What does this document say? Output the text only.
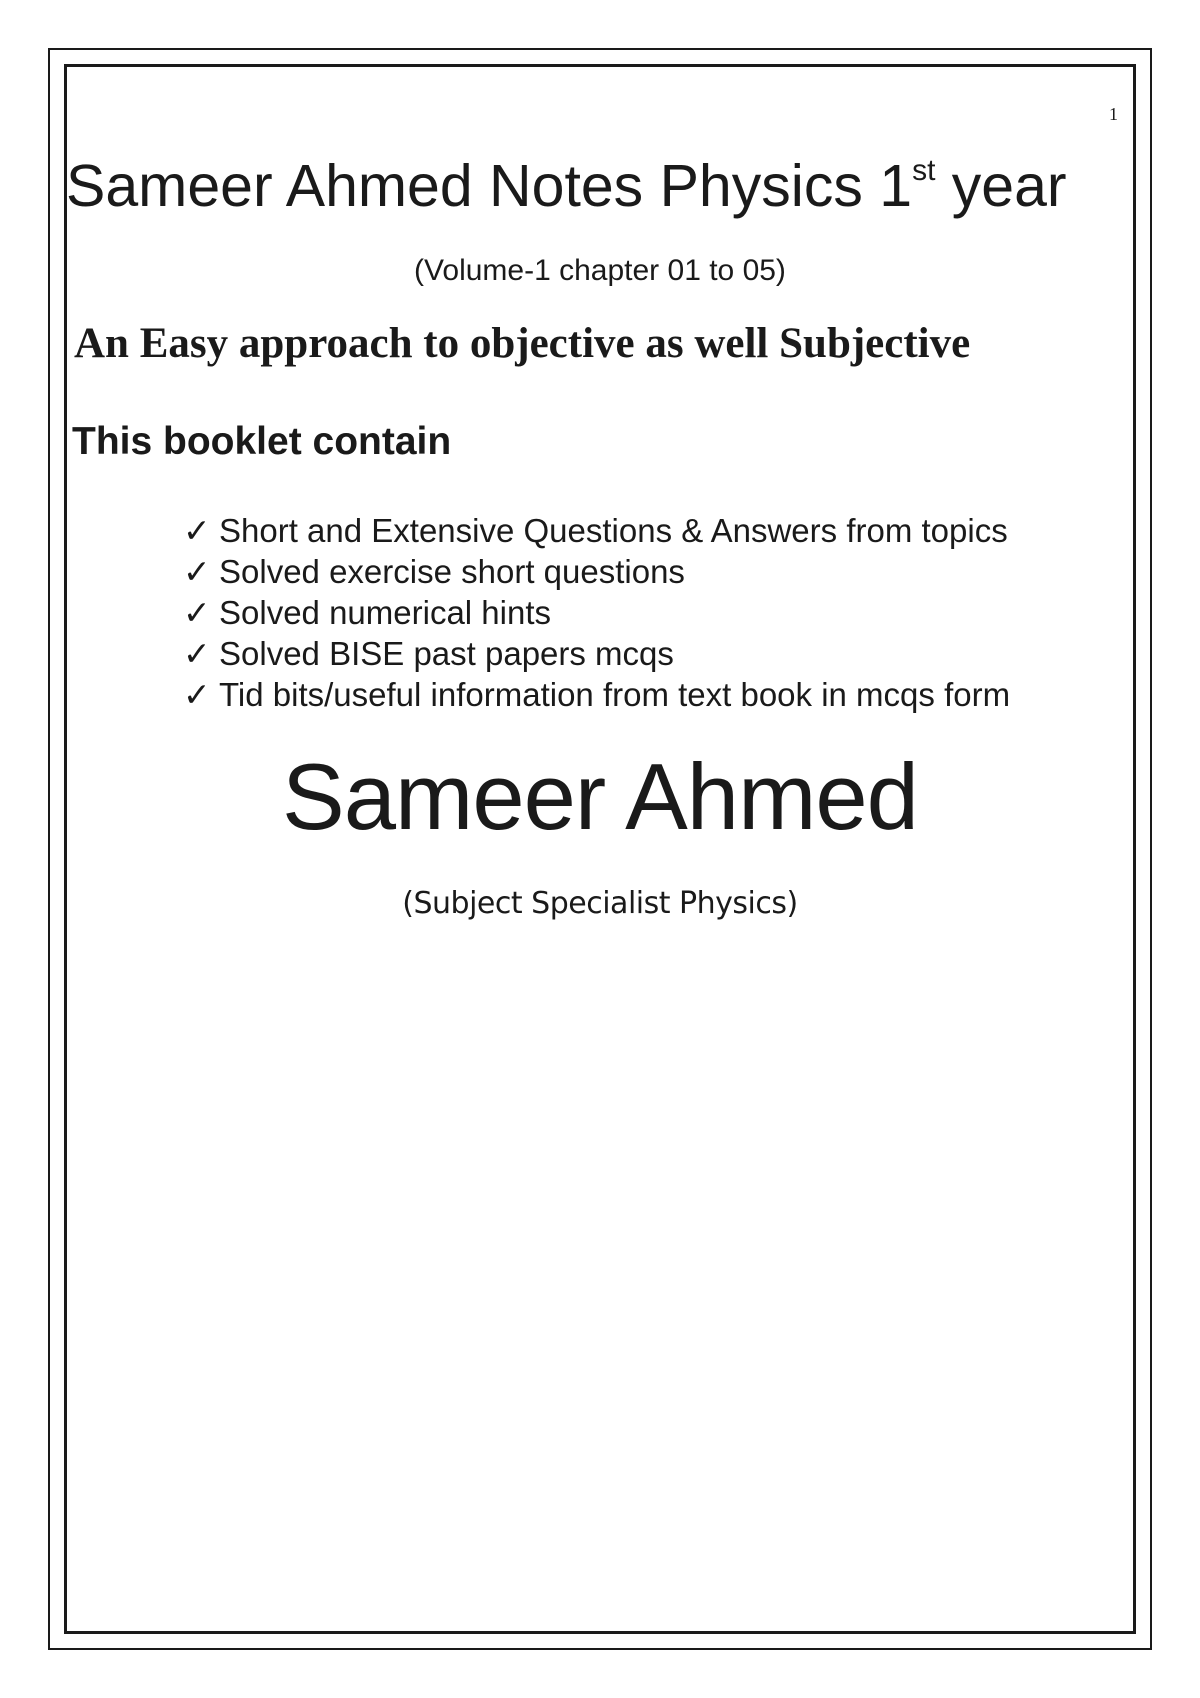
1
Sameer Ahmed Notes Physics 1st year
(Volume-1 chapter 01 to 05)
An Easy approach to objective as well Subjective
This booklet contain
✓ Short and Extensive Questions & Answers from topics
✓ Solved exercise short questions
✓ Solved numerical hints
✓ Solved BISE past papers mcqs
✓ Tid bits/useful information from text book in mcqs form
Sameer Ahmed
(Subject Specialist Physics)
